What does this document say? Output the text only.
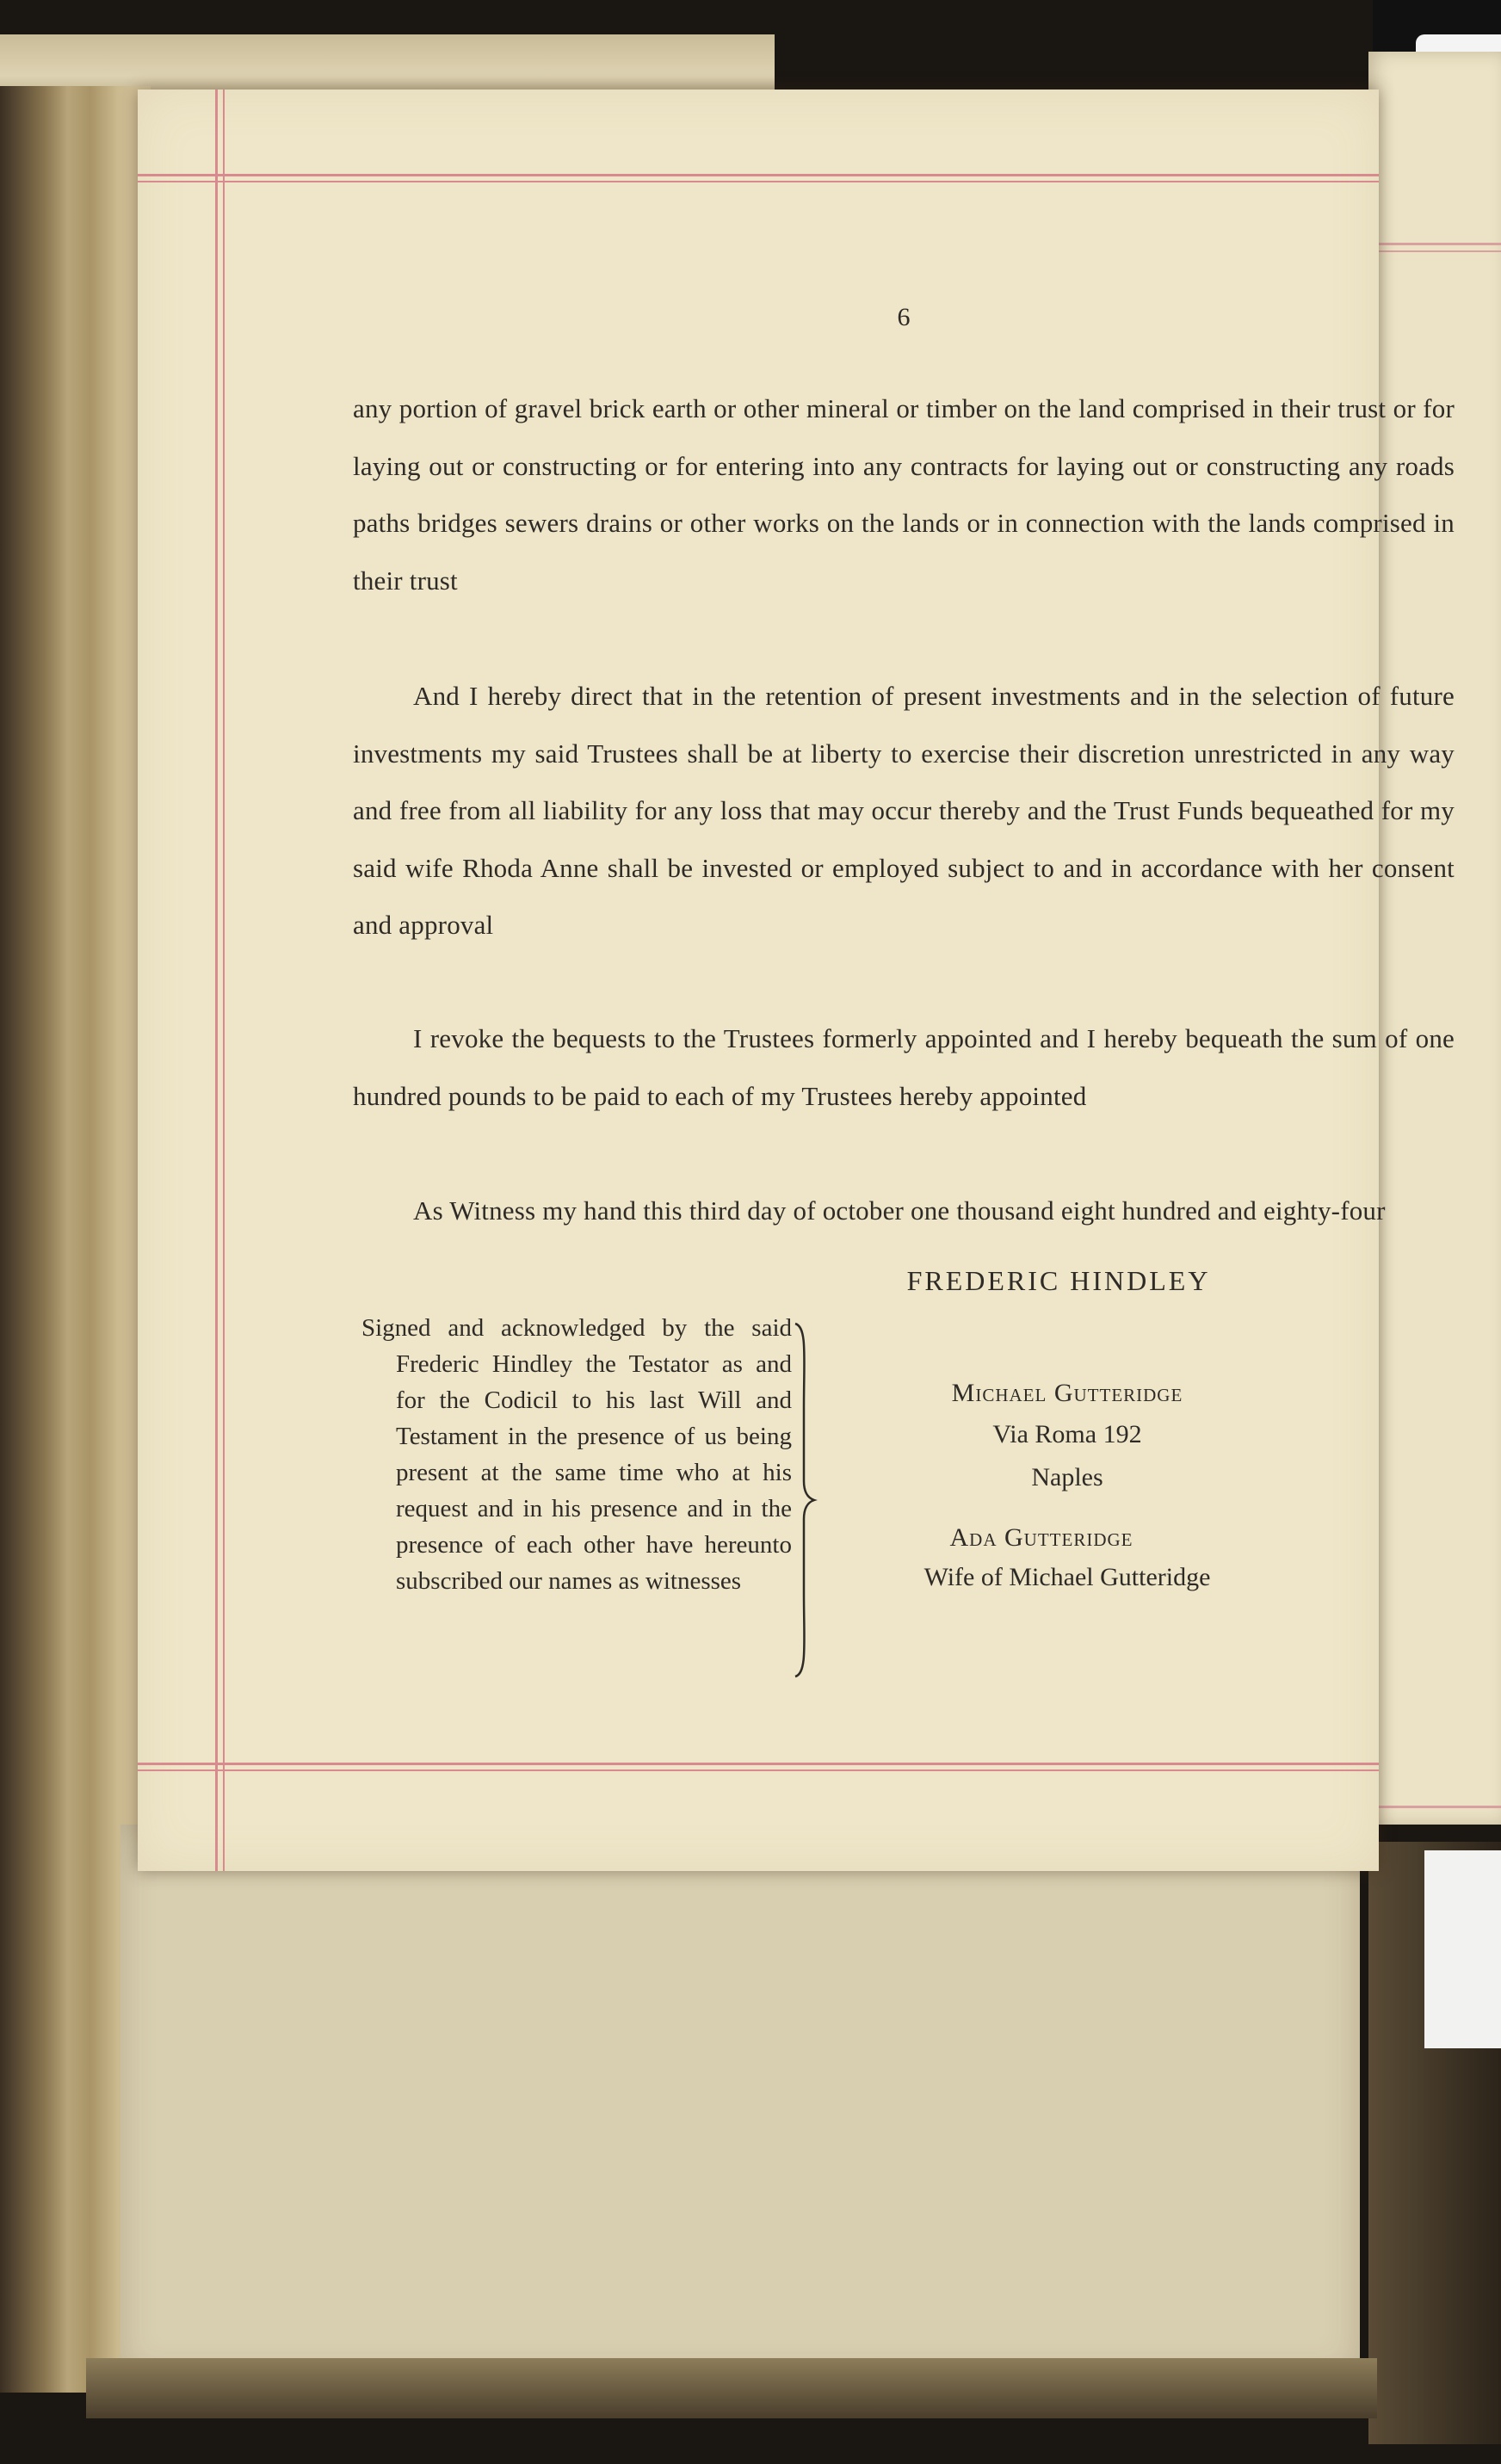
6

any portion of gravel brick earth or other mineral or timber on the land comprised in their trust or for laying out or constructing or for entering into any contracts for laying out or constructing any roads paths bridges sewers drains or other works on the lands or in connection with the lands comprised in their trust

And I hereby direct that in the retention of present investments and in the selection of future investments my said Trustees shall be at liberty to exercise their discretion unrestricted in any way and free from all liability for any loss that may occur thereby and the Trust Funds bequeathed for my said wife Rhoda Anne shall be invested or employed subject to and in accordance with her consent and approval

I revoke the bequests to the Trustees formerly appointed and I hereby bequeath the sum of one hundred pounds to be paid to each of my Trustees hereby appointed

As Witness my hand this third day of october one thousand eight hundred and eighty-four

Signed and acknowledged by the said Frederic Hindley the Testator as and for the Codicil to his last Will and Testament in the presence of us being present at the same time who at his request and in his presence and in the presence of each other have hereunto subscribed our names as witnesses

FREDERIC HINDLEY
Michael Gutteridge
Via Roma 192
Naples
Ada Gutteridge
Wife of Michael Gutteridge
